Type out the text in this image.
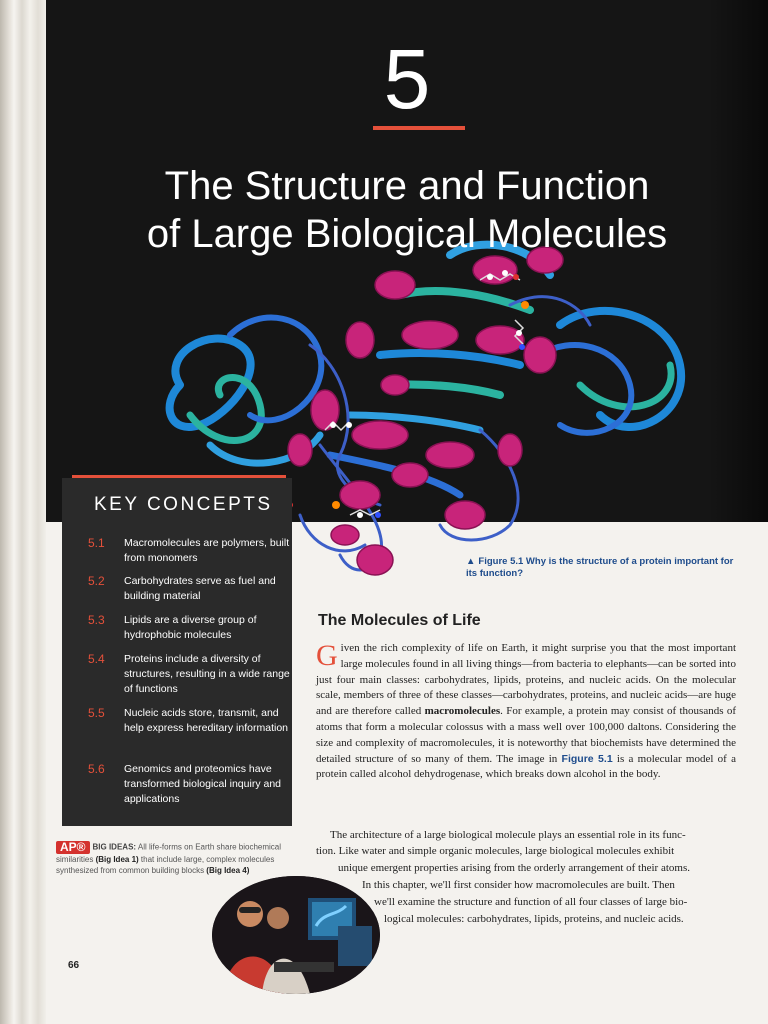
5
The Structure and Function
of Large Biological Molecules
KEY CONCEPTS
5.1 Macromolecules are polymers, built from monomers
5.2 Carbohydrates serve as fuel and building material
5.3 Lipids are a diverse group of hydrophobic molecules
5.4 Proteins include a diversity of structures, resulting in a wide range of functions
5.5 Nucleic acids store, transmit, and help express hereditary information
5.6 Genomics and proteomics have transformed biological inquiry and applications
▲ Figure 5.1 Why is the structure of a protein important for its function?
The Molecules of Life
Given the rich complexity of life on Earth, it might surprise you that the most important large molecules found in all living things—from bacteria to elephants—can be sorted into just four main classes: carbohydrates, lipids, proteins, and nucleic acids. On the molecular scale, members of three of these classes—carbohydrates, proteins, and nucleic acids—are huge and are therefore called macromolecules. For example, a protein may consist of thousands of atoms that form a molecular colossus with a mass well over 100,000 daltons. Considering the size and complexity of macromolecules, it is noteworthy that biochemists have determined the detailed structure of so many of them. The image in Figure 5.1 is a molecular model of a protein called alcohol dehydrogenase, which breaks down alcohol in the body.
The architecture of a large biological molecule plays an essential role in its func-
tion. Like water and simple organic molecules, large biological molecules exhibit
unique emergent properties arising from the orderly arrangement of their atoms.
In this chapter, we'll first consider how macromolecules are built. Then
we'll examine the structure and function of all four classes of large bio-
logical molecules: carbohydrates, lipids, proteins, and nucleic acids.
AP® BIG IDEAS: All life-forms on Earth share biochemical similarities (Big Idea 1) that include large, complex molecules synthesized from common building blocks (Big Idea 4)
66
